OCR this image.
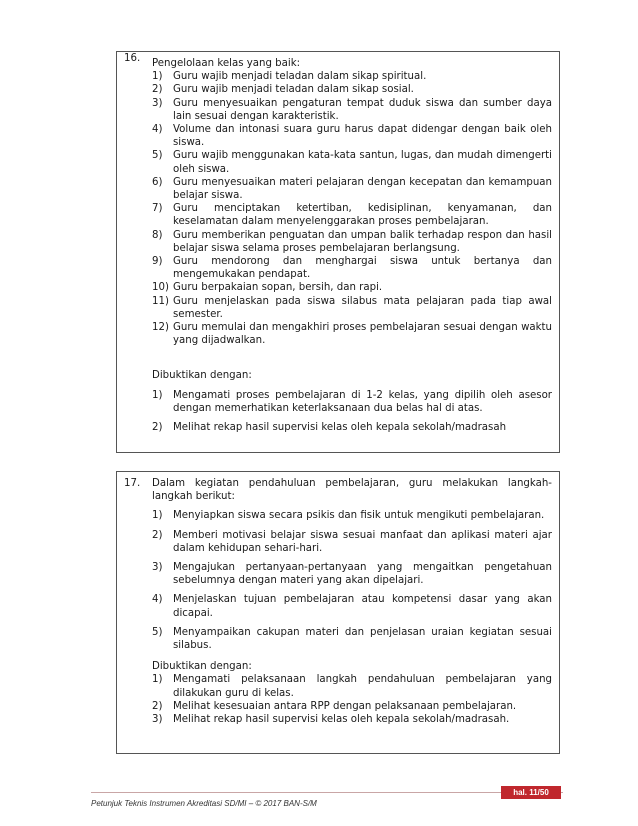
16. Pengelolaan kelas yang baik:
1)	Guru wajib menjadi teladan dalam sikap spiritual.
2)	Guru wajib menjadi teladan dalam sikap sosial.
3)	Guru menyesuaikan pengaturan tempat duduk siswa dan sumber daya lain sesuai dengan karakteristik.
4)	Volume dan intonasi suara guru harus dapat didengar dengan baik oleh siswa.
5)	Guru wajib menggunakan kata-kata santun, lugas, dan mudah dimengerti oleh siswa.
6)	Guru menyesuaikan materi pelajaran dengan kecepatan dan kemampuan belajar siswa.
7)	Guru menciptakan ketertiban, kedisiplinan, kenyamanan, dan keselamatan dalam menyelenggarakan proses pembelajaran.
8)	Guru memberikan penguatan dan umpan balik terhadap respon dan hasil belajar siswa selama proses pembelajaran berlangsung.
9)	Guru mendorong dan menghargai siswa untuk bertanya dan mengemukakan pendapat.
10) Guru berpakaian sopan, bersih, dan rapi.
11) Guru menjelaskan pada siswa silabus mata pelajaran pada tiap awal semester.
12) Guru memulai dan mengakhiri proses pembelajaran sesuai dengan waktu yang dijadwalkan.
Dibuktikan dengan:
1)	Mengamati proses pembelajaran di 1-2 kelas, yang dipilih oleh asesor dengan memerhatikan keterlaksanaan dua belas hal di atas.
2)	Melihat rekap hasil supervisi kelas oleh kepala sekolah/madrasah
17. Dalam kegiatan pendahuluan pembelajaran, guru melakukan langkah-langkah berikut:
1)	Menyiapkan siswa secara psikis dan fisik untuk mengikuti pembelajaran.
2)	Memberi motivasi belajar siswa sesuai manfaat dan aplikasi materi ajar dalam kehidupan sehari-hari.
3)	Mengajukan pertanyaan-pertanyaan yang mengaitkan pengetahuan sebelumnya dengan materi yang akan dipelajari.
4)	Menjelaskan tujuan pembelajaran atau kompetensi dasar yang akan dicapai.
5)	Menyampaikan cakupan materi dan penjelasan uraian kegiatan sesuai silabus.
Dibuktikan dengan:
1)	Mengamati pelaksanaan langkah pendahuluan pembelajaran yang dilakukan guru di kelas.
2)	Melihat kesesuaian antara RPP dengan pelaksanaan pembelajaran.
3)	Melihat rekap hasil supervisi kelas oleh kepala sekolah/madrasah.
hal. 11/50
Petunjuk Teknis Instrumen Akreditasi SD/MI – © 2017 BAN-S/M
